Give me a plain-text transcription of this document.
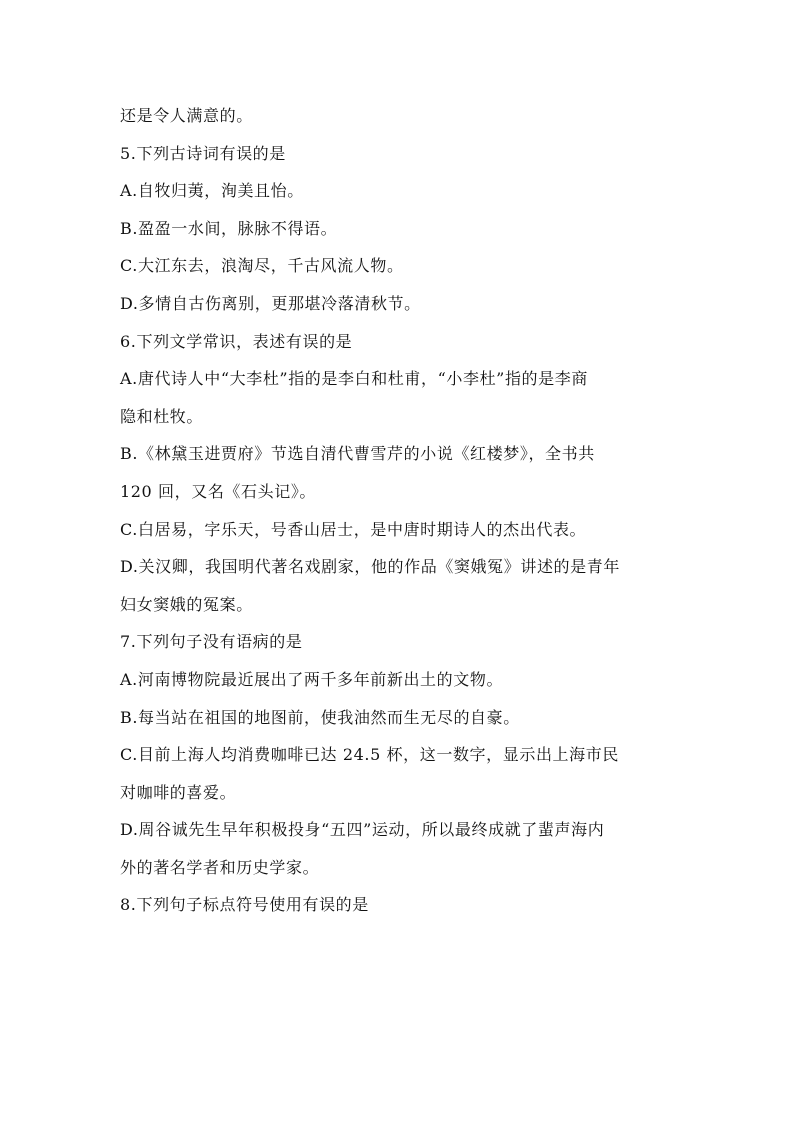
还是令人满意的。
5.下列古诗词有误的是
A.自牧归荑，洵美且怡。
B.盈盈一水间，脉脉不得语。
C.大江东去，浪淘尽，千古风流人物。
D.多情自古伤离别，更那堪冷落清秋节。
6.下列文学常识，表述有误的是
A.唐代诗人中“大李杜”指的是李白和杜甫，“小李杜”指的是李商
隐和杜牧。
B.《林黛玉进贾府》节选自清代曹雪芹的小说《红楼梦》，全书共
120 回，又名《石头记》。
C.白居易，字乐天，号香山居士，是中唐时期诗人的杰出代表。
D.关汉卿，我国明代著名戏剧家，他的作品《窦娥冤》讲述的是青年
妇女窦娥的冤案。
7.下列句子没有语病的是
A.河南博物院最近展出了两千多年前新出土的文物。
B.每当站在祖国的地图前，使我油然而生无尽的自豪。
C.目前上海人均消费咖啡已达 24.5 杯，这一数字，显示出上海市民
对咖啡的喜爱。
D.周谷诚先生早年积极投身“五四”运动，所以最终成就了蜚声海内
外的著名学者和历史学家。
8.下列句子标点符号使用有误的是
